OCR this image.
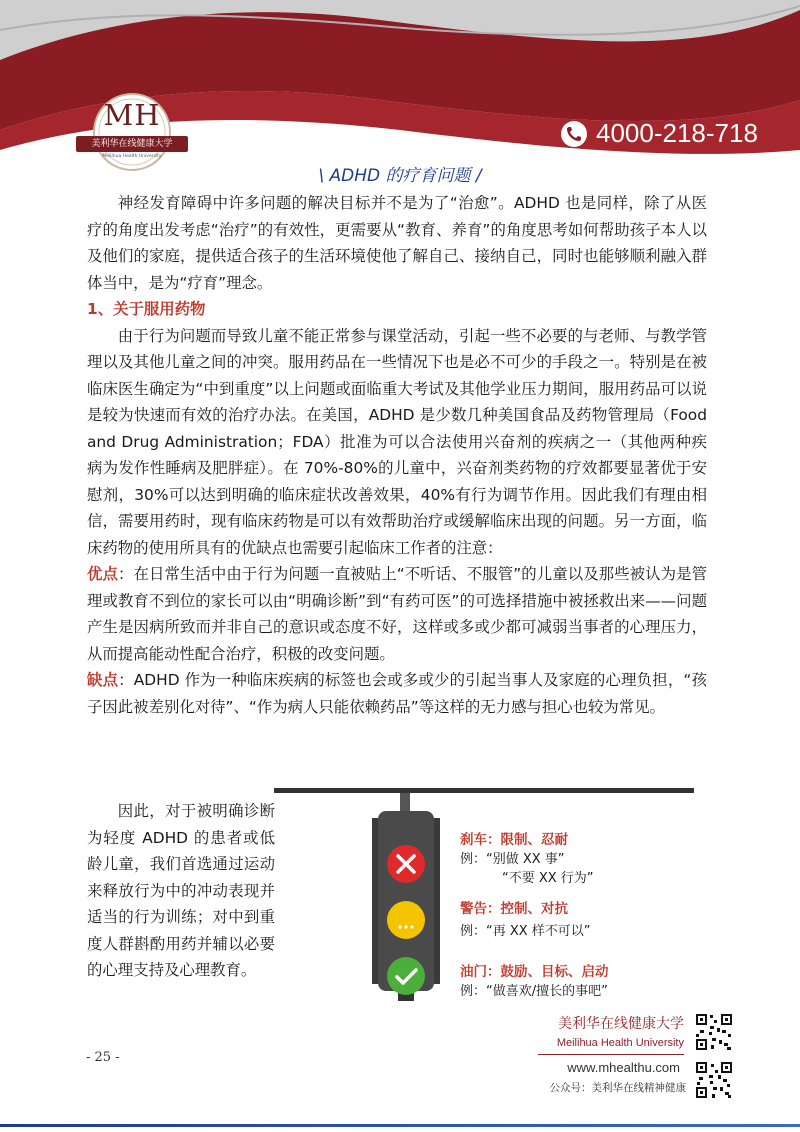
MH
美利华在线健康大学
Meilihua Health University
4000-218-718
\ ADHD 的疗育问题 /

神经发育障碍中许多问题的解决目标并不是为了“治愈”。ADHD 也是同样，除了从医疗的角度出发考虑“治疗”的有效性，更需要从“教育、养育”的角度思考如何帮助孩子本人以及他们的家庭，提供适合孩子的生活环境使他了解自己、接纳自己，同时也能够顺利融入群体当中，是为“疗育”理念。

1、关于服用药物

由于行为问题而导致儿童不能正常参与课堂活动，引起一些不必要的与老师、与教学管理以及其他儿童之间的冲突。服用药品在一些情况下也是必不可少的手段之一。特别是在被临床医生确定为“中到重度”以上问题或面临重大考试及其他学业压力期间，服用药品可以说是较为快速而有效的治疗办法。在美国，ADHD 是少数几种美国食品及药物管理局（Food and Drug Administration；FDA）批准为可以合法使用兴奋剂的疾病之一（其他两种疾病为发作性睡病及肥胖症）。在 70%-80%的儿童中，兴奋剂类药物的疗效都要显著优于安慰剂，30%可以达到明确的临床症状改善效果，40%有行为调节作用。因此我们有理由相信，需要用药时，现有临床药物是可以有效帮助治疗或缓解临床出现的问题。另一方面，临床药物的使用所具有的优缺点也需要引起临床工作者的注意：

优点：在日常生活中由于行为问题一直被贴上“不听话、不服管”的儿童以及那些被认为是管理或教育不到位的家长可以由“明确诊断”到“有药可医”的可选择措施中被拯救出来——问题产生是因病所致而并非自己的意识或态度不好，这样或多或少都可减弱当事者的心理压力，从而提高能动性配合治疗，积极的改变问题。

缺点：ADHD 作为一种临床疾病的标签也会或多或少的引起当事人及家庭的心理负担，“孩子因此被差别化对待”、“作为病人只能依赖药品”等这样的无力感与担心也较为常见。

因此，对于被明确诊断为轻度 ADHD 的患者或低龄儿童，我们首选通过运动来释放行为中的冲动表现并适当的行为训练；对中到重度人群斟酌用药并辅以必要的心理支持及心理教育。

刹车：限制、忍耐
例：“别做 XX 事”
“不要 XX 行为”
警告：控制、对抗
例：“再 XX 样不可以”
油门：鼓励、目标、启动
例：“做喜欢/擅长的事吧”
- 25 -
美利华在线健康大学
Meilihua Health University
www.mhealthu.com
公众号：美利华在线精神健康
